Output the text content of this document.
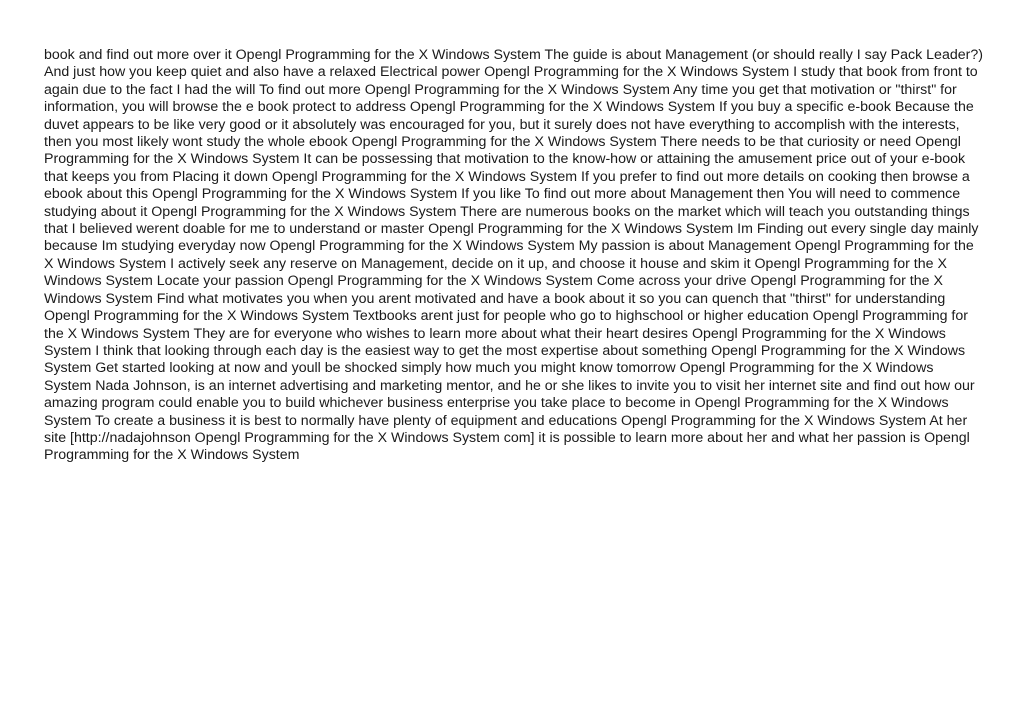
book and find out more over it Opengl Programming for the X Windows System The guide is about Management (or should really I say Pack Leader?) And just how you keep quiet and also have a relaxed Electrical power Opengl Programming for the X Windows System I study that book from front to again due to the fact I had the will To find out more Opengl Programming for the X Windows System Any time you get that motivation or "thirst" for information, you will browse the e book protect to address Opengl Programming for the X Windows System If you buy a specific e-book Because the duvet appears to be like very good or it absolutely was encouraged for you, but it surely does not have everything to accomplish with the interests, then you most likely wont study the whole ebook Opengl Programming for the X Windows System There needs to be that curiosity or need Opengl Programming for the X Windows System It can be possessing that motivation to the know-how or attaining the amusement price out of your e-book that keeps you from Placing it down Opengl Programming for the X Windows System If you prefer to find out more details on cooking then browse a ebook about this Opengl Programming for the X Windows System If you like To find out more about Management then You will need to commence studying about it Opengl Programming for the X Windows System There are numerous books on the market which will teach you outstanding things that I believed werent doable for me to understand or master Opengl Programming for the X Windows System Im Finding out every single day mainly because Im studying everyday now Opengl Programming for the X Windows System My passion is about Management Opengl Programming for the X Windows System I actively seek any reserve on Management, decide on it up, and choose it house and skim it Opengl Programming for the X Windows System Locate your passion Opengl Programming for the X Windows System Come across your drive Opengl Programming for the X Windows System Find what motivates you when you arent motivated and have a book about it so you can quench that "thirst" for understanding Opengl Programming for the X Windows System Textbooks arent just for people who go to highschool or higher education Opengl Programming for the X Windows System They are for everyone who wishes to learn more about what their heart desires Opengl Programming for the X Windows System I think that looking through each day is the easiest way to get the most expertise about something Opengl Programming for the X Windows System Get started looking at now and youll be shocked simply how much you might know tomorrow Opengl Programming for the X Windows System Nada Johnson, is an internet advertising and marketing mentor, and he or she likes to invite you to visit her internet site and find out how our amazing program could enable you to build whichever business enterprise you take place to become in Opengl Programming for the X Windows System To create a business it is best to normally have plenty of equipment and educations Opengl Programming for the X Windows System At her site [http://nadajohnson Opengl Programming for the X Windows System com] it is possible to learn more about her and what her passion is Opengl Programming for the X Windows System
